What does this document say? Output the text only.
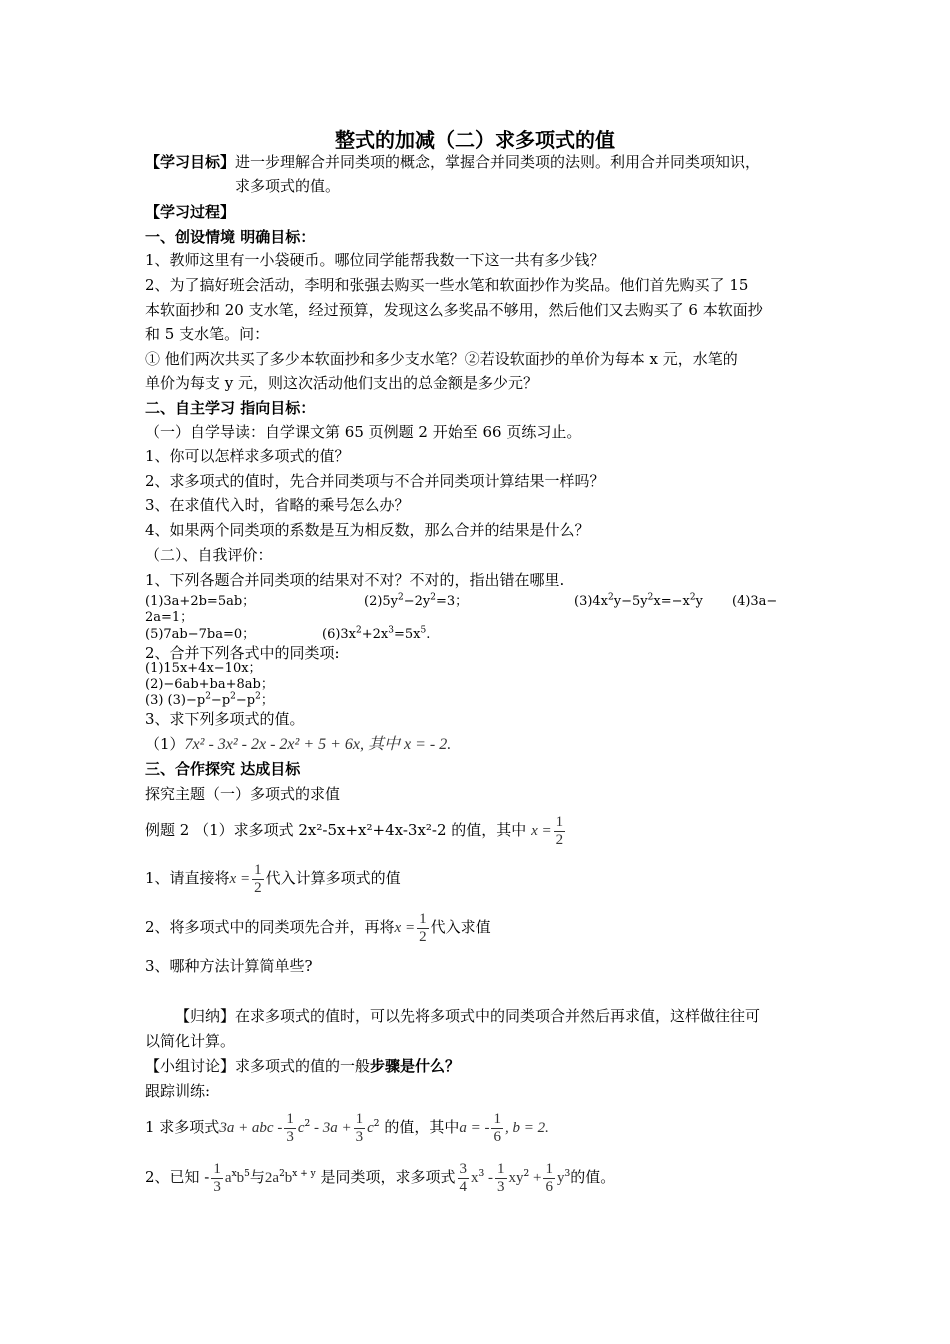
整式的加减（二）求多项式的值
【学习目标】进一步理解合并同类项的概念，掌握合并同类项的法则。利用合并同类项知识，
求多项式的值。
【学习过程】
一、创设情境 明确目标：
1、教师这里有一小袋硬币。哪位同学能帮我数一下这一共有多少钱？
2、为了搞好班会活动，李明和张强去购买一些水笔和软面抄作为奖品。他们首先购买了 15
本软面抄和 20 支水笔，经过预算，发现这么多奖品不够用，然后他们又去购买了 6 本软面抄
和 5 支水笔。问：
① 他们两次共买了多少本软面抄和多少支水笔？②若设软面抄的单价为每本 x 元，水笔的
单价为每支 y 元，则这次活动他们支出的总金额是多少元？
二、自主学习 指向目标：
（一）自学导读：自学课文第 65 页例题 2 开始至 66 页练习止。
1、你可以怎样求多项式的值？
2、求多项式的值时，先合并同类项与不合并同类项计算结果一样吗？
3、在求值代入时，省略的乘号怎么办？
4、如果两个同类项的系数是互为相反数，那么合并的结果是什么？
（二）、自我评价：
1、下列各题合并同类项的结果对不对？不对的，指出错在哪里.
(1)3a+2b=5ab；	$(2)5y^2-2y^2=3$；	$(3)4x^2y-5y^2x=-x^2y$ (4)3a−
2a=1；
(5)7ab−7ba=0；	$(6)3x^2+2x^3=5x^5$.
2、合并下列各式中的同类项:
(1)15x+4x−10x；
(2)−6ab+ba+8ab；
(3) $(3)-p^2-p^2-p^2$；
3、求下列多项式的值。
（1）7x² - 3x² - 2x - 2x² + 5 + 6x, 其中 x = - 2.
三、合作探究 达成目标
探究主题（一）多项式的求值
例题 2 （1）求多项式 2x²-5x+x²+4x-3x²-2 的值，其中 $x = \frac{1}{2}$
1、请直接将$x = \frac{1}{2}$ 代入计算多项式的值
2、将多项式中的同类项先合并，再将$x = \frac{1}{2}$ 代入求值
3、哪种方法计算简单些?
【归纳】在求多项式的值时，可以先将多项式中的同类项合并然后再求值，这样做往往可
以简化计算。
【小组讨论】求多项式的值的一般步骤是什么？
跟踪训练:
1 求多项式3a + abc - $\frac{1}{3} c^2 - 3a + \frac{1}{3} c^2$ 的值，其中a = - $\frac{1}{6}$ , b = 2.
2、已知 - $\frac{1}{3} a^xb^5$与$2a^2b^{x + y}$ 是同类项，求多项式 $\frac{3}{4} x^3 - \frac{1}{3} xy^2 + \frac{1}{6} y^3$的值。
